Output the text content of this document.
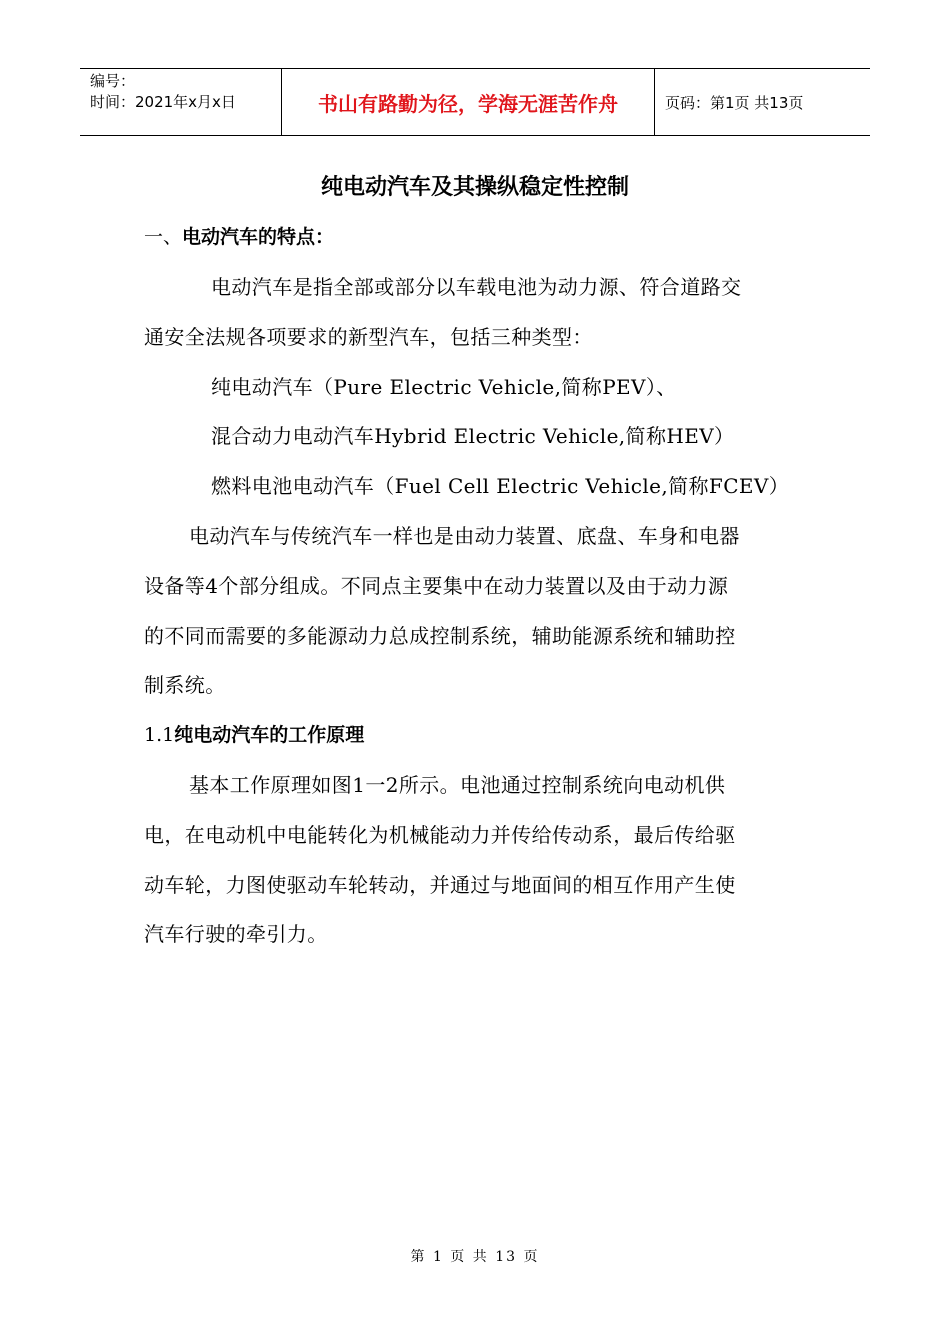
编号：
时间：2021年x月x日	书山有路勤为径，学海无涯苦作舟	页码：第1页 共13页
纯电动汽车及其操纵稳定性控制
一、电动汽车的特点：
电动汽车是指全部或部分以车载电池为动力源、符合道路交
通安全法规各项要求的新型汽车，包括三种类型：
纯电动汽车（Pure Electric Vehicle,简称PEV）、
混合动力电动汽车Hybrid Electric Vehicle,简称HEV）
燃料电池电动汽车（Fuel Cell Electric Vehicle,简称FCEV）
电动汽车与传统汽车一样也是由动力装置、底盘、车身和电器
设备等4个部分组成。不同点主要集中在动力装置以及由于动力源
的不同而需要的多能源动力总成控制系统，辅助能源系统和辅助控
制系统。
1.1纯电动汽车的工作原理
基本工作原理如图1一2所示。电池通过控制系统向电动机供
电，在电动机中电能转化为机械能动力并传给传动系，最后传给驱
动车轮，力图使驱动车轮转动，并通过与地面间的相互作用产生使
汽车行驶的牵引力。
第 1 页 共 13 页
